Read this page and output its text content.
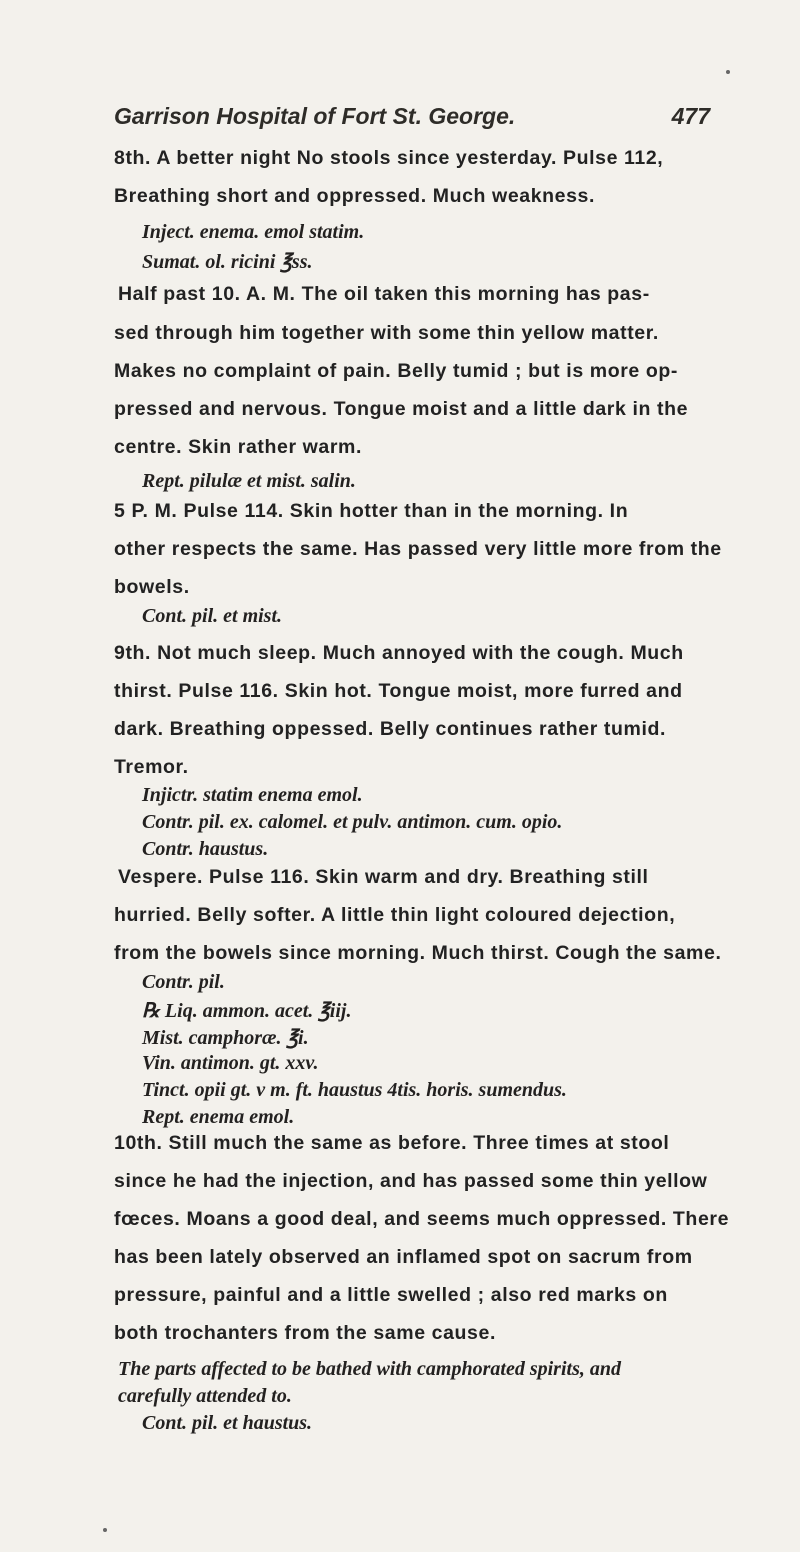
Garrison Hospital of Fort St. George.	477
8th. A better night No stools since yesterday. Pulse 112,
Breathing short and oppressed. Much weakness.
Inject. enema. emol statim.
Sumat. ol. ricini ℥ss.
Half past 10. A. M. The oil taken this morning has pas-
sed through him together with some thin yellow matter.
Makes no complaint of pain. Belly tumid ; but is more op-
pressed and nervous. Tongue moist and a little dark in the
centre. Skin rather warm.
Rept. pilulæ et mist. salin.
5 P. M. Pulse 114. Skin hotter than in the morning. In
other respects the same. Has passed very little more from the
bowels.
Cont. pil. et mist.
9th. Not much sleep. Much annoyed with the cough. Much
thirst. Pulse 116. Skin hot. Tongue moist, more furred and
dark. Breathing oppessed. Belly continues rather tumid.
Tremor.
Injictr. statim enema emol.
Contr. pil. ex. calomel. et pulv. antimon. cum. opio.
Contr. haustus.
Vespere. Pulse 116. Skin warm and dry. Breathing still
hurried. Belly softer. A little thin light coloured dejection,
from the bowels since morning. Much thirst. Cough the same.
Contr. pil.
℞ Liq. ammon. acet. ℥iij.
Mist. camphoræ. ℥i.
Vin. antimon. gt. xxv.
Tinct. opii gt. v m. ft. haustus 4tis. horis. sumendus.
Rept. enema emol.
10th. Still much the same as before. Three times at stool
since he had the injection, and has passed some thin yellow
fœces. Moans a good deal, and seems much oppressed. There
has been lately observed an inflamed spot on sacrum from
pressure, painful and a little swelled ; also red marks on
both trochanters from the same cause.
The parts affected to be bathed with camphorated spirits, and
carefully attended to.
Cont. pil. et haustus.
